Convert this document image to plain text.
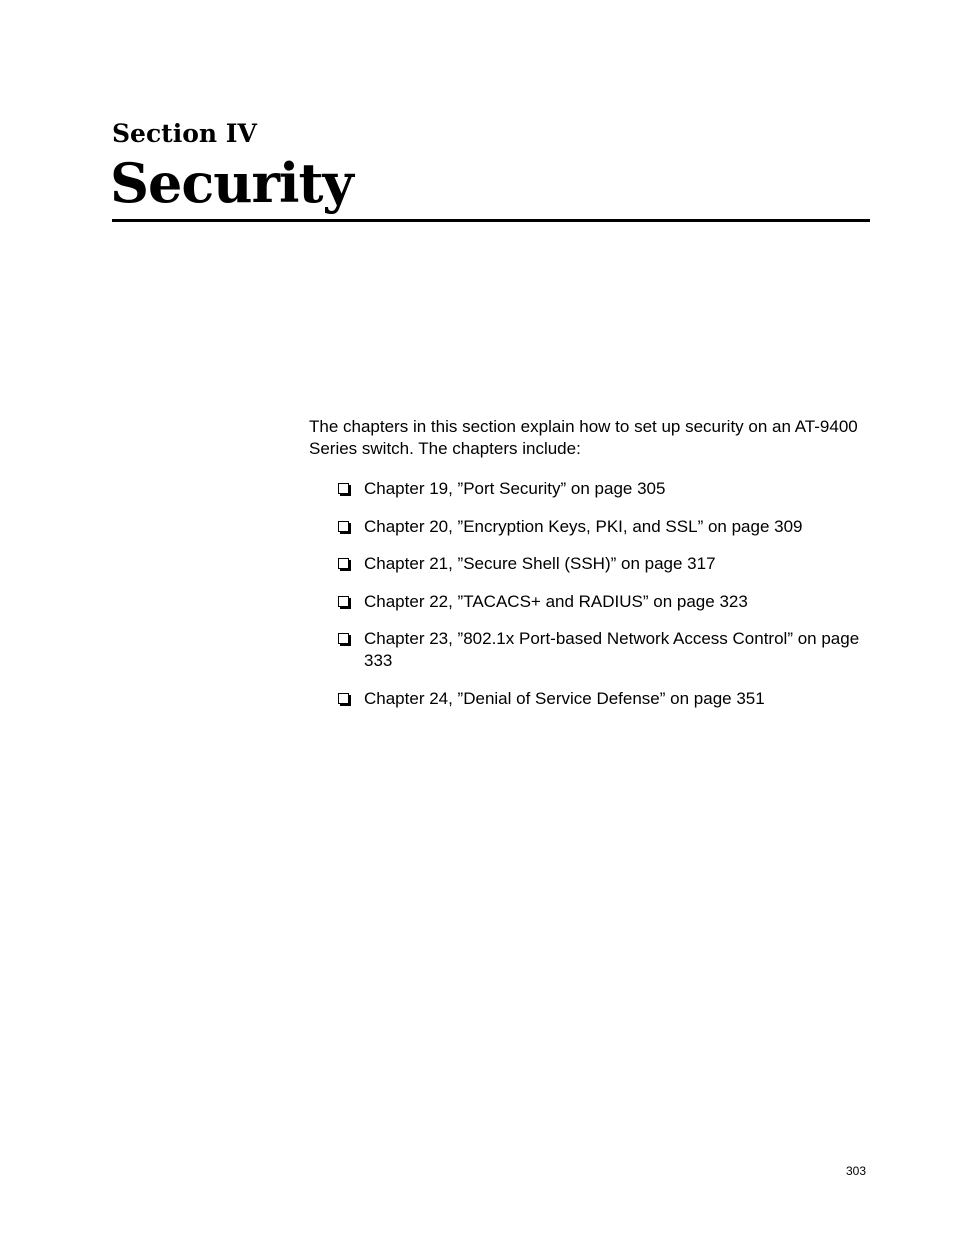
Section IV
Security

The chapters in this section explain how to set up security on an AT-9400 Series switch. The chapters include:

Chapter 19, ”Port Security” on page 305
Chapter 20, ”Encryption Keys, PKI, and SSL” on page 309
Chapter 21, ”Secure Shell (SSH)” on page 317
Chapter 22, ”TACACS+ and RADIUS” on page 323
Chapter 23, ”802.1x Port-based Network Access Control” on page 333
Chapter 24, ”Denial of Service Defense” on page 351
303
